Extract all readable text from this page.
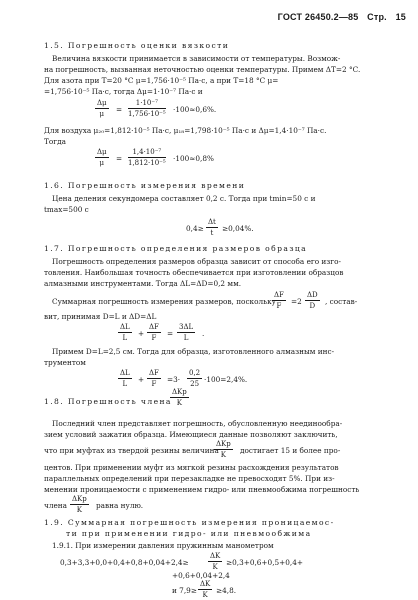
ГОСТ 26450.2—85 Стр. 15
1.5. Погрешность оценки вязкости
Величина вязкости принимается в зависимости от температуры. Возмож-
на погрешность, вызванная неточностью оценки температуры. Примем ΔT=2 °C.
Для азота при T=20 °C μ=1,756·10⁻⁵ Па·с, а при T=18 °C μ=
=1,756·10⁻⁵ Па·с, тогда Δμ=1·10⁻⁷ Па·с и
$\frac{\Delta\mu}{\mu} = \frac{\text{1·10⁻⁷}}{\text{1,756·10⁻⁵}} \cdot 100\approx 0,6\%$.
Для воздуха μ₂₀=1,812·10⁻⁵ Па·с, μ₁₈=1,798·10⁻⁵ Па·с и Δμ=1,4·10⁻⁷ Па·с.
Тогда
$\frac{\Delta\mu}{\mu} = \frac{\text{1,4·10⁻⁷}}{\text{1,812·10⁻⁵}} \cdot 100\approx 0,8\%$
1.6. Погрешность измерения времени
Цена деления секундомера составляет 0,2 с. Тогда при tmin=50 с и
tmax=500 с
$0,4\ge \frac{\Delta t}{t} \ge 0,04\%$.
1.7. Погрешность определения размеров образца
Погрешность определения размеров образца зависит от способа его изго-
товления. Наибольшая точность обеспечивается при изготовлении образцов
алмазными инструментами. Тогда ΔL=ΔD=0,2 мм.
Суммарная погрешность измерения размеров, поскольку
$\frac{\Delta F}{F} =2 \frac{\Delta D}{D}$ , состав-
вит, принимая D=L и ΔD=ΔL
$\frac{\Delta L}{L} + \frac{\Delta F}{F} = \frac{3\Delta L}{L}$ .
Примем D=L=2,5 см. Тогда для образца, изготовленного алмазным инс-
трументом
$\frac{\Delta L}{L} + \frac{\Delta F}{F} =3\cdot \frac{0,2}{25} \cdot 100=2,4\%$.
1.8. Погрешность члена
ΔKp
K
Последний член представляет погрешность, обусловленную неединообра-
зием условий зажатия образца. Имеющиеся данные позволяют заключить,
что при муфтах из твердой резины величина
ΔKp
K	достигает 15 и более про-
центов. При применении муфт из мягкой резины расхождения результатов
параллельных определений при перезакладке не превосходят 5%. При из-
менении проницаемости с применением гидро- или пневмообжима погрешность
члена
ΔKp
K	равна нулю.
1.9. Суммарная погрешность измерения проницаемос-
ти при применении гидро- или пневмообжима
1.9.1. При измерении давления пружинным манометром
0,3+3,3+0,0+0,4+0,8+0,04+2,4≥	$\frac{\Delta K}{K} \ge 0,3+0,6+0,5+0,4+$
+0,6+0,04+2,4
и $7,9\ge \frac{\Delta K}{K} \ge 4,8$.
